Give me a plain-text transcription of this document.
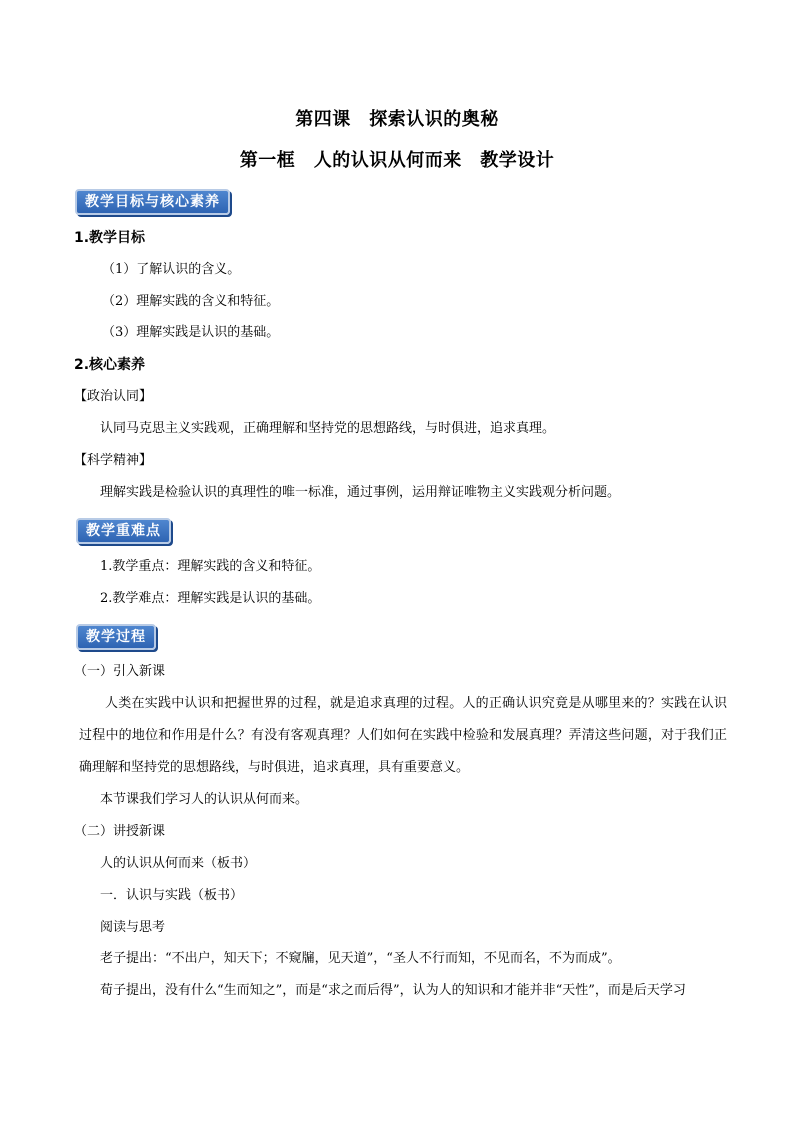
第四课　探索认识的奥秘
第一框　人的认识从何而来　教学设计
教学目标与核心素养
1.教学目标
（1）了解认识的含义。
（2）理解实践的含义和特征。
（3）理解实践是认识的基础。
2.核心素养
【政治认同】
认同马克思主义实践观，正确理解和坚持党的思想路线，与时俱进，追求真理。
【科学精神】
理解实践是检验认识的真理性的唯一标准，通过事例，运用辩证唯物主义实践观分析问题。
教学重难点
1.教学重点：理解实践的含义和特征。
2.教学难点：理解实践是认识的基础。
教学过程
（一）引入新课
人类在实践中认识和把握世界的过程，就是追求真理的过程。人的正确认识究竟是从哪里来的？实践在认识过程中的地位和作用是什么？有没有客观真理？人们如何在实践中检验和发展真理？弄清这些问题，对于我们正确理解和坚持党的思想路线，与时俱进，追求真理，具有重要意义。
本节课我们学习人的认识从何而来。
（二）讲授新课
人的认识从何而来（板书）
一．认识与实践（板书）
阅读与思考
老子提出：“不出户，知天下；不窥牖，见天道”，“圣人不行而知，不见而名，不为而成”。
荀子提出，没有什么“生而知之”，而是“求之而后得”，认为人的知识和才能并非“天性”，而是后天学习
